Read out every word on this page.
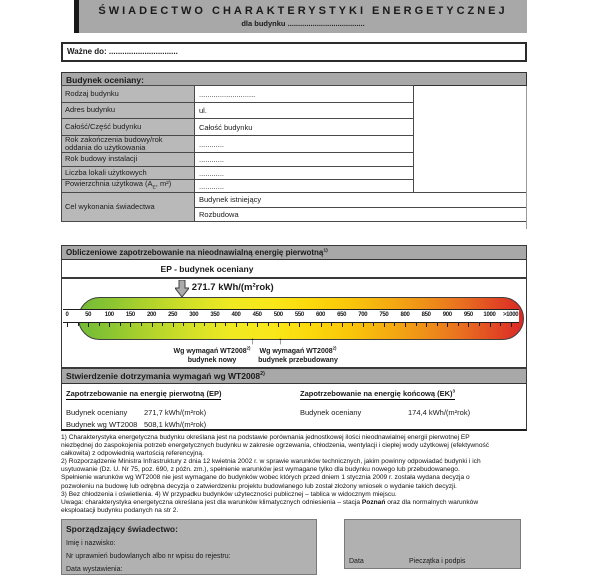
ŚWIADECTWO CHARAKTERYSTYKI ENERGETYCZNEJ
dla budynku .....................................
Ważne do: ...............................
Budynek oceniany:
Rodzaj budynku	...........................
Adres budynku	ul.
Całość/Część budynku	Całość budynku
Rok zakończenia budowy/rok oddania do użytkowania	............
Rok budowy instalacji	............
Liczba lokali użytkowych	............
Powierzchnia użytkowa ($A_E$, m²)	............
Cel wykonania świadectwa
Budynek istniejący
Rozbudowa
Obliczeniowe zapotrzebowanie na nieodnawialną energię pierwotną$^{1)}$
EP - budynek oceniany
271.7 kWh/(m²rok)
0	50	100	150	200	250	300	350	400	450	500	550	600	650	700	750	800	850	900	950	1000	>1000
↑
↑
Wg wymagań WT2008$^{2)}$
budynek nowy
Wg wymagań WT2008$^{2)}$
budynek przebudowany
Stwierdzenie dotrzymania wymagań wg WT2008$^{2)}$
Zapotrzebowanie na energię pierwotną (EP)
Budynek oceniany	271,7 kWh/(m²rok)
Budynek wg WT2008 508,1 kWh/(m²rok)
Zapotrzebowanie na energię końcową (EK)$^3$
Budynek oceniany	174,4 kWh/(m²rok)
1) Charakterystyka energetyczna budynku określana jest na podstawie porównania jednostkowej ilości nieodnawialnej energii pierwotnej EP
niezbędnej do zaspokojenia potrzeb energetycznych budynku w zakresie ogrzewania, chłodzenia, wentylacji i ciepłej wody użytkowej (efektywność
całkowita) z odpowiednią wartością referencyjną.
2) Rozporządzenie Ministra Infrastruktury z dnia 12 kwietnia 2002 r. w sprawie warunków technicznych, jakim powinny odpowiadać budynki i ich
usytuowanie (Dz. U. Nr 75, poz. 690, z późn. zm.), spełnienie warunków jest wymagane tylko dla budynku nowego lub przebudowanego.
Spełnienie warunków wg WT2008 nie jest wymagane do budynków wobec których przed dniem 1 stycznia 2009 r. została wydana decyzja o
pozwoleniu na budowę lub odrębna decyzja o zatwierdzeniu projektu budowlanego lub został złożony wniosek o wydanie takich decyzji.
3) Bez chłodzenia i oświetlenia. 4) W przypadku budynków użyteczności publicznej – tablica w widocznym miejscu.
Uwaga: charakterystyka energetyczna określana jest dla warunków klimatycznych odniesienia – stacja Poznań oraz dla normalnych warunków
eksploatacji budynku podanych na str 2.
Sporządzający świadectwo:
Imię i nazwisko:
Nr uprawnień budowlanych albo nr wpisu do rejestru:
Data wystawienia:
Data	Pieczątka i podpis
